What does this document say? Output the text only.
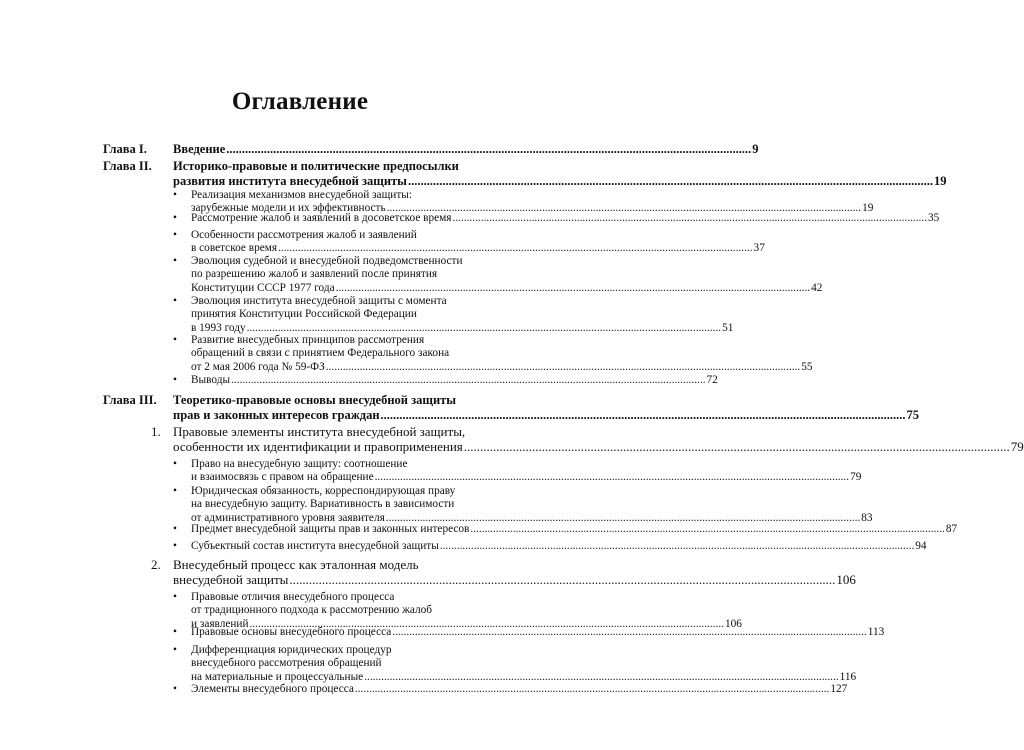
Оглавление
Глава I. Введение .....	9
Глава II. Историко-правовые и политические предпосылки
развития института внесудебной защиты .....	19
•	Реализация механизмов внесудебной защиты:
зарубежные модели и их эффективность .....	19
•	Рассмотрение жалоб и заявлений в досоветское время .....	35
•	Особенности рассмотрения жалоб и заявлений
в советское время .....	37
•	Эволюция судебной и внесудебной подведомственности
по разрешению жалоб и заявлений после принятия
Конституции СССР 1977 года .....	42
•	Эволюция института внесудебной защиты с момента
принятия Конституции Российской Федерации
в 1993 году .....	51
•	Развитие внесудебных принципов рассмотрения
обращений в связи с принятием Федерального закона
от 2 мая 2006 года № 59-ФЗ .....	55
•	Выводы .....	72
Глава III. Теоретико-правовые основы внесудебной защиты
прав и законных интересов граждан .....	75
1. Правовые элементы института внесудебной защиты,
особенности их идентификации и правоприменения .....	79
•	Право на внесудебную защиту: соотношение
и взаимосвязь с правом на обращение .....	79
•	Юридическая обязанность, корреспондирующая праву
на внесудебную защиту. Вариативность в зависимости
от административного уровня заявителя .....	83
•	Предмет внесудебной защиты прав и законных интересов .....	87
•	Субъектный состав института внесудебной защиты .....	94
2. Внесудебный процесс как эталонная модель
внесудебной защиты .....	106
•	Правовые отличия внесудебного процесса
от традиционного подхода к рассмотрению жалоб
и заявлений .....	106
•	Правовые основы внесудебного процесса .....	113
•	Дифференциация юридических процедур
внесудебного рассмотрения обращений
на материальные и процессуальные .....	116
•	Элементы внесудебного процесса .....	127
